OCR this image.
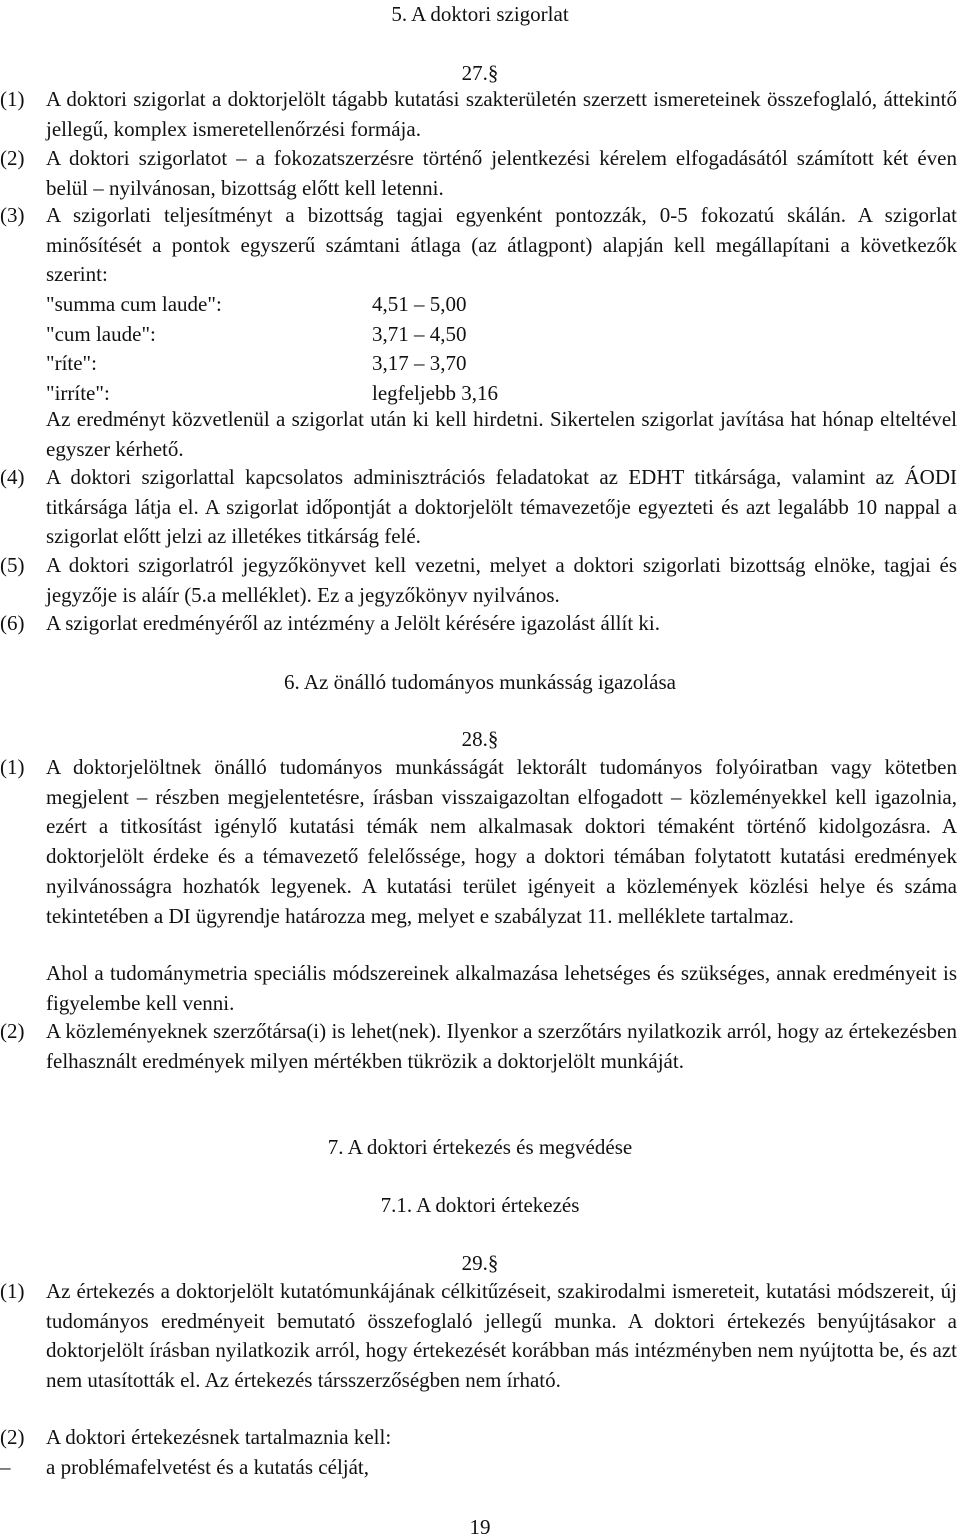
5. A doktori szigorlat
27.§
(1) A doktori szigorlat a doktorjelölt tágabb kutatási szakterületén szerzett ismereteinek összefoglaló, áttekintő jellegű, komplex ismeretellenőrzési formája.
(2) A doktori szigorlatot – a fokozatszerzésre történő jelentkezési kérelem elfogadásától számított két éven belül – nyilvánosan, bizottság előtt kell letenni.
(3) A szigorlati teljesítményt a bizottság tagjai egyenként pontozzák, 0-5 fokozatú skálán. A szigorlat minősítését a pontok egyszerű számtani átlaga (az átlagpont) alapján kell megállapítani a következők szerint:
"summa cum laude":	4,51 – 5,00
"cum laude":	3,71 – 4,50
"ríte":	3,17 – 3,70
"irríte":	legfeljebb 3,16
Az eredményt közvetlenül a szigorlat után ki kell hirdetni. Sikertelen szigorlat javítása hat hónap elteltével egyszer kérhető.
(4) A doktori szigorlattal kapcsolatos adminisztrációs feladatokat az EDHT titkársága, valamint az ÁODI titkársága látja el. A szigorlat időpontját a doktorjelölt témavezetője egyezteti és azt legalább 10 nappal a szigorlat előtt jelzi az illetékes titkárság felé.
(5) A doktori szigorlatról jegyzőkönyvet kell vezetni, melyet a doktori szigorlati bizottság elnöke, tagjai és jegyzője is aláír (5.a melléklet). Ez a jegyzőkönyv nyilvános.
(6) A szigorlat eredményéről az intézmény a Jelölt kérésére igazolást állít ki.
6. Az önálló tudományos munkásság igazolása
28.§
(1) A doktorjelöltnek önálló tudományos munkásságát lektorált tudományos folyóiratban vagy kötetben megjelent – részben megjelentetésre, írásban visszaigazoltan elfogadott – közleményekkel kell igazolnia, ezért a titkosítást igénylő kutatási témák nem alkalmasak doktori témaként történő kidolgozásra. A doktorjelölt érdeke és a témavezető felelőssége, hogy a doktori témában folytatott kutatási eredmények nyilvánosságra hozhatók legyenek. A kutatási terület igényeit a közlemények közlési helye és száma tekintetében a DI ügyrendje határozza meg, melyet e szabályzat 11. melléklete tartalmaz.
Ahol a tudománymetria speciális módszereinek alkalmazása lehetséges és szükséges, annak eredményeit is figyelembe kell venni.
(2) A közleményeknek szerzőtársa(i) is lehet(nek). Ilyenkor a szerzőtárs nyilatkozik arról, hogy az értekezésben felhasznált eredmények milyen mértékben tükrözik a doktorjelölt munkáját.
7. A doktori értekezés és megvédése
7.1. A doktori értekezés
29.§
(1) Az értekezés a doktorjelölt kutatómunkájának célkitűzéseit, szakirodalmi ismereteit, kutatási módszereit, új tudományos eredményeit bemutató összefoglaló jellegű munka. A doktori értekezés benyújtásakor a doktorjelölt írásban nyilatkozik arról, hogy értekezését korábban más intézményben nem nyújtotta be, és azt nem utasították el. Az értekezés társszerzőségben nem írható.
(2) A doktori értekezésnek tartalmaznia kell:
– a problémafelvetést és a kutatás célját,
19
